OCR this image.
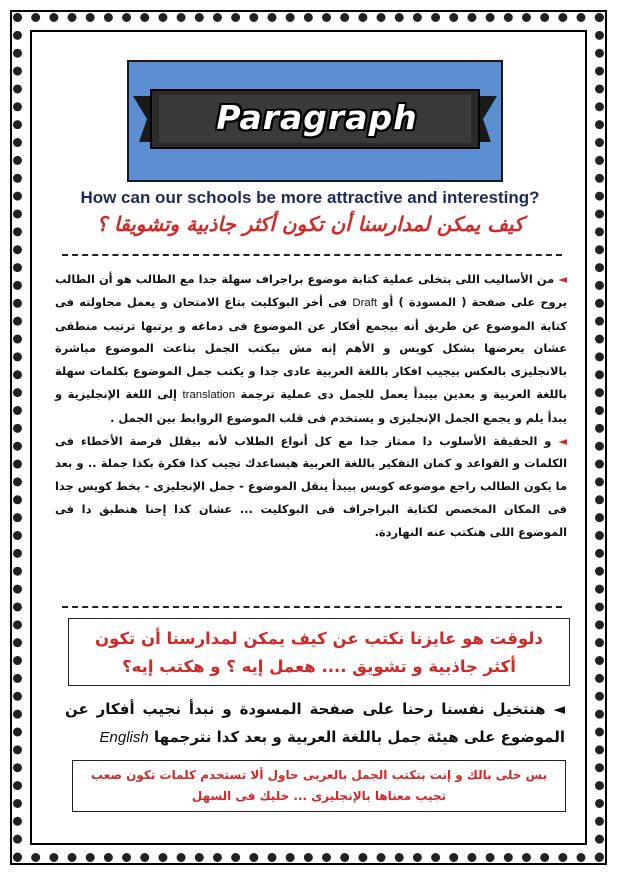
Paragraph
How can our schools be more attractive and interesting?
كيف يمكن لمدارسنا أن تكون أكثر جاذبية وتشويقا ؟

◄ من الأساليب اللى بتخلى عملية كتابة موضوع براجراف سهلة جدا مع الطالب هو أن الطالب يروح على صفحة ( المسودة ) أو Draft فى أخر البوكليت بتاع الامتحان و يعمل محاولته فى كتابة الموضوع عن طريق أنه بيجمع أفكار عن الموضوع فى دماغه و يرتبها ترتيب منطقى عشان يعرضها بشكل كويس و الأهم إنه مش بيكتب الجمل بتاعت الموضوع مباشرة بالانجليزى بالعكس بيجيب افكار باللغة العربية عادى جدا و يكتب جمل الموضوع بكلمات سهلة باللغة العربية و بعدين بيبدأ يعمل للجمل دى عملية ترجمة translation إلى اللغة الإنجليزية و يبدأ يلم و يجمع الجمل الإنجليزى و يستخدم فى قلب الموضوع الروابط بين الجمل .

◄ و الحقيقة الأسلوب دا ممتاز جدا مع كل أنواع الطلاب لأنه بيقلل فرصة الأخطاء فى الكلمات و القواعد و كمان التفكير باللغة العربية هيساعدك تجيب كذا فكرة بكذا جملة .. و بعد ما يكون الطالب راجع موضوعه كويس بيبدأ ينقل الموضوع - جمل الإنجليزى - بخط كويس جدا فى المكان المخصص لكتابة البراجراف فى البوكليت ... عشان كدا إحنا هنطبق دا فى الموضوع اللى هنكتب عنه النهاردة.

دلوقت هو عايزنا نكتب عن كيف يمكن لمدارسنا أن تكون أكثر جاذبية و تشويق .... هعمل إيه ؟ و هكتب إيه؟
◄ هنتخيل نفسنا رحنا على صفحة المسودة و نبدأ نجيب أفكار عن الموضوع على هيئة جمل باللغة العربية و بعد كدا نترجمها English
بس خلى بالك و إنت بتكتب الجمل بالعربى حاول ألا تستخدم كلمات تكون صعب تجيب معناها بالإنجليزى ... خليك فى السهل
